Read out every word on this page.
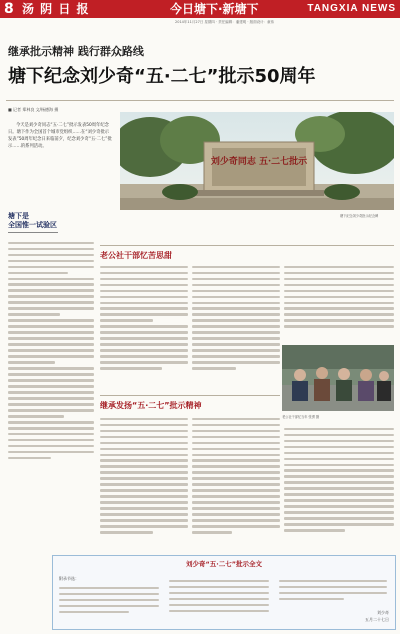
8 汤 阴 日 报	今日塘下·新塘下	TANGXIA NEWS
2014年11月27日 星期四 · 责任编辑：潘建明 · 版面设计：童伟
继承批示精神 践行群众路线
塘下纪念刘少奇“五·二七”批示50周年
■ 记者 郑林良 文/杨德海 摄
今天是刘少奇同志“五·二七”批示发表50周年纪念日。塘下作为全国首个城市党组织……在“刘少奇批示发表”50周年纪念日来临前夕，纪念刘少奇“五·二七”批示……的系列活动。
刘少奇同志 五·二七批示
塘下纪念刘少奇批示纪念碑
塘下是
全国惟一试验区
老公社干部忆苦思甜
老公社干部忆当年 张勇 摄
继承发扬“五·二七”批示精神
刘少奇“五·二七”批示全文
附录节选：
刘少奇
五月二十七日
